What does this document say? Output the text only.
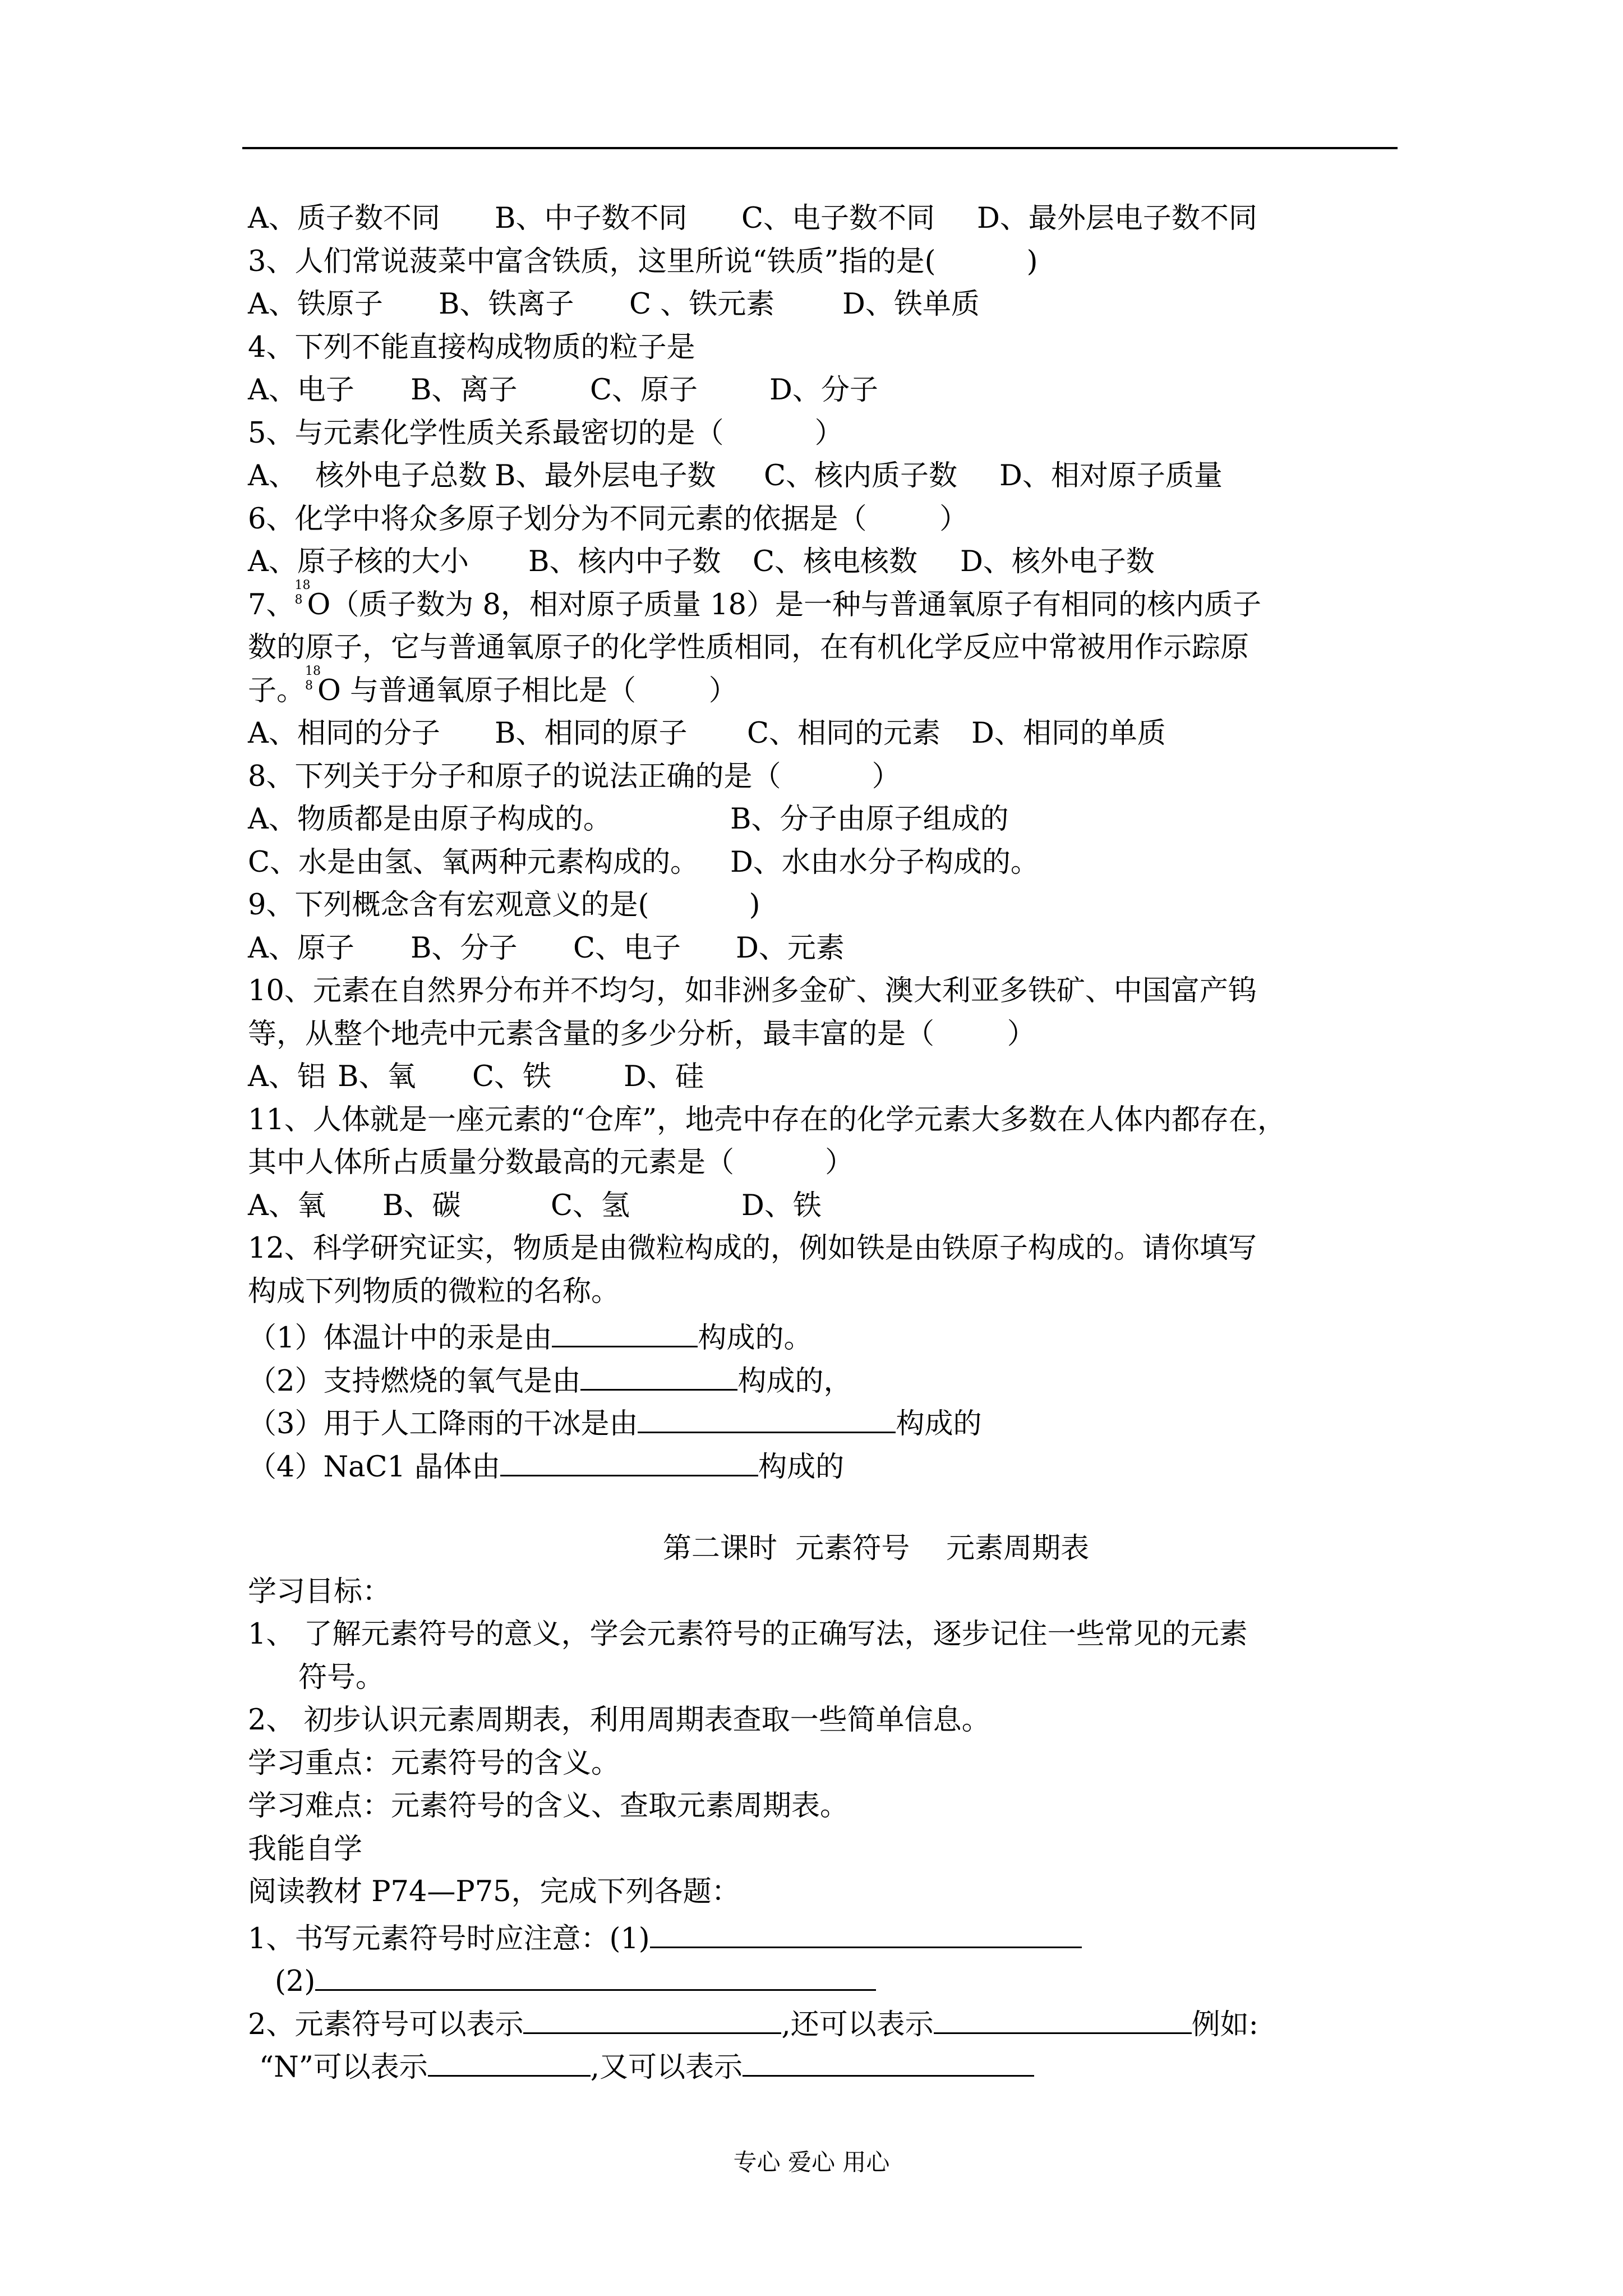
A、质子数不同 B、中子数不同 C、电子数不同 D、最外层电子数不同
3、人们常说菠菜中富含铁质，这里所说“铁质”指的是(          )
A、铁原子 B、铁离子 C 、铁元素 D、铁单质
4、下列不能直接构成物质的粒子是
A、电子 B、离子	C、原子	D、分子
5、与元素化学性质关系最密切的是（          ）
A、  核外电子总数 B、最外层电子数 C、核内质子数 D、相对原子质量
6、化学中将众多原子划分为不同元素的依据是（        ）
A、原子核的大小 B、核内中子数 C、核电核数 D、核外电子数
7、
18
8 O（质子数为 8，相对原子质量 18）是一种与普通氧原子有相同的核内质子
数的原子，它与普通氧原子的化学性质相同，在有机化学反应中常被用作示踪原
子。
18
8 O 与普通氧原子相比是（        ）
A、相同的分子 B、相同的原子 C、相同的元素 D、相同的单质
8、下列关于分子和原子的说法正确的是（          ）
A、物质都是由原子构成的。	B、分子由原子组成的
C、水是由氢、氧两种元素构成的。 D、水由水分子构成的。
9、下列概念含有宏观意义的是(           )
A、原子 B、分子 C、电子 D、元素
10、元素在自然界分布并不均匀，如非洲多金矿、澳大利亚多铁矿、中国富产钨
等，从整个地壳中元素含量的多少分析，最丰富的是（        ）
A、铝 B、氧 C、铁	D、硅
11、人体就是一座元素的“仓库”，地壳中存在的化学元素大多数在人体内都存在，
其中人体所占质量分数最高的元素是（          ）
A、氧 B、碳	C、氢	D、铁
12、科学研究证实，物质是由微粒构成的，例如铁是由铁原子构成的。请你填写
构成下列物质的微粒的名称。
（1）体温计中的汞是由	构成的。
（2）支持燃烧的氧气是由	构成的，
（3）用于人工降雨的干冰是由	构成的
（4）NaC1 晶体由	构成的
第二课时  元素符号    元素周期表
学习目标：
1、 了解元素符号的意义，学会元素符号的正确写法，逐步记住一些常见的元素
符号。
2、 初步认识元素周期表，利用周期表查取一些简单信息。
学习重点：元素符号的含义。
学习难点：元素符号的含义、查取元素周期表。
我能自学
阅读教材 P74—P75，完成下列各题：
1、书写元素符号时应注意：(1)
(2)
2、元素符号可以表示	,还可以表示	例如:
“N”可以表示	,又可以表示
专心 爱心 用心
